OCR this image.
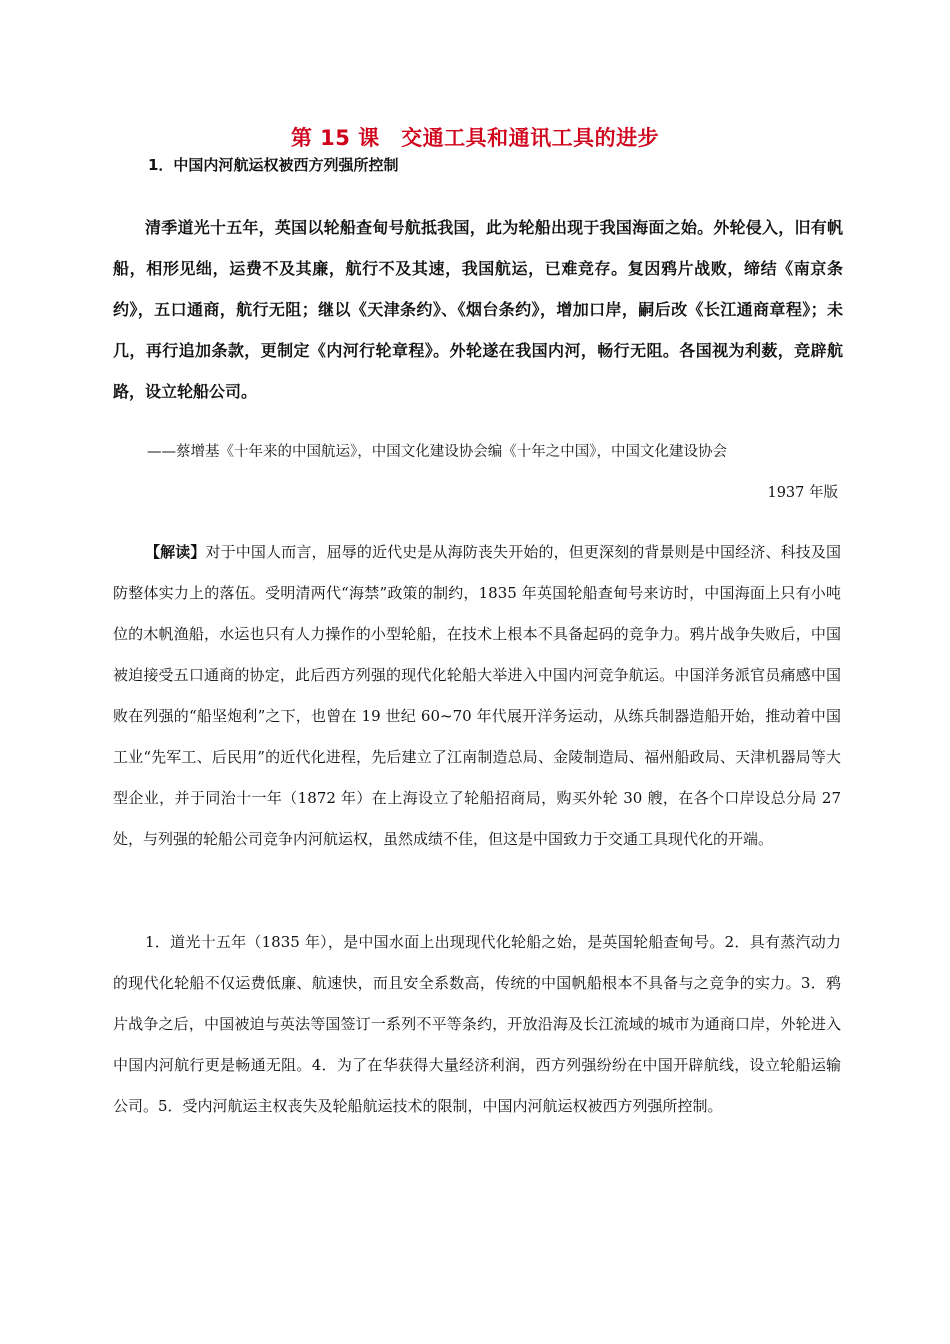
第 15 课　交通工具和通讯工具的进步
1．中国内河航运权被西方列强所控制

清季道光十五年，英国以轮船查甸号航抵我国，此为轮船出现于我国海面之始。外轮侵入，旧有帆船，相形见绌，运费不及其廉，航行不及其速，我国航运，已难竞存。复因鸦片战败，缔结《南京条约》，五口通商，航行无阻；继以《天津条约》、《烟台条约》，增加口岸，嗣后改《长江通商章程》；未几，再行追加条款，更制定《内河行轮章程》。外轮遂在我国内河，畅行无阻。各国视为利薮，竞辟航路，设立轮船公司。

——蔡增基《十年来的中国航运》，中国文化建设协会编《十年之中国》，中国文化建设协会
1937 年版

【解读】对于中国人而言，屈辱的近代史是从海防丧失开始的，但更深刻的背景则是中国经济、科技及国防整体实力上的落伍。受明清两代“海禁”政策的制约，1835 年英国轮船查甸号来访时，中国海面上只有小吨位的木帆渔船，水运也只有人力操作的小型轮船，在技术上根本不具备起码的竞争力。鸦片战争失败后，中国被迫接受五口通商的协定，此后西方列强的现代化轮船大举进入中国内河竞争航运。中国洋务派官员痛感中国败在列强的“船坚炮利”之下，也曾在 19 世纪 60~70 年代展开洋务运动，从练兵制器造船开始，推动着中国工业“先军工、后民用”的近代化进程，先后建立了江南制造总局、金陵制造局、福州船政局、天津机器局等大型企业，并于同治十一年（1872 年）在上海设立了轮船招商局，购买外轮 30 艘，在各个口岸设总分局 27 处，与列强的轮船公司竞争内河航运权，虽然成绩不佳，但这是中国致力于交通工具现代化的开端。

1．道光十五年（1835 年），是中国水面上出现现代化轮船之始，是英国轮船查甸号。2．具有蒸汽动力的现代化轮船不仅运费低廉、航速快，而且安全系数高，传统的中国帆船根本不具备与之竞争的实力。3．鸦片战争之后，中国被迫与英法等国签订一系列不平等条约，开放沿海及长江流域的城市为通商口岸，外轮进入中国内河航行更是畅通无阻。4．为了在华获得大量经济利润，西方列强纷纷在中国开辟航线，设立轮船运输公司。5．受内河航运主权丧失及轮船航运技术的限制，中国内河航运权被西方列强所控制。
